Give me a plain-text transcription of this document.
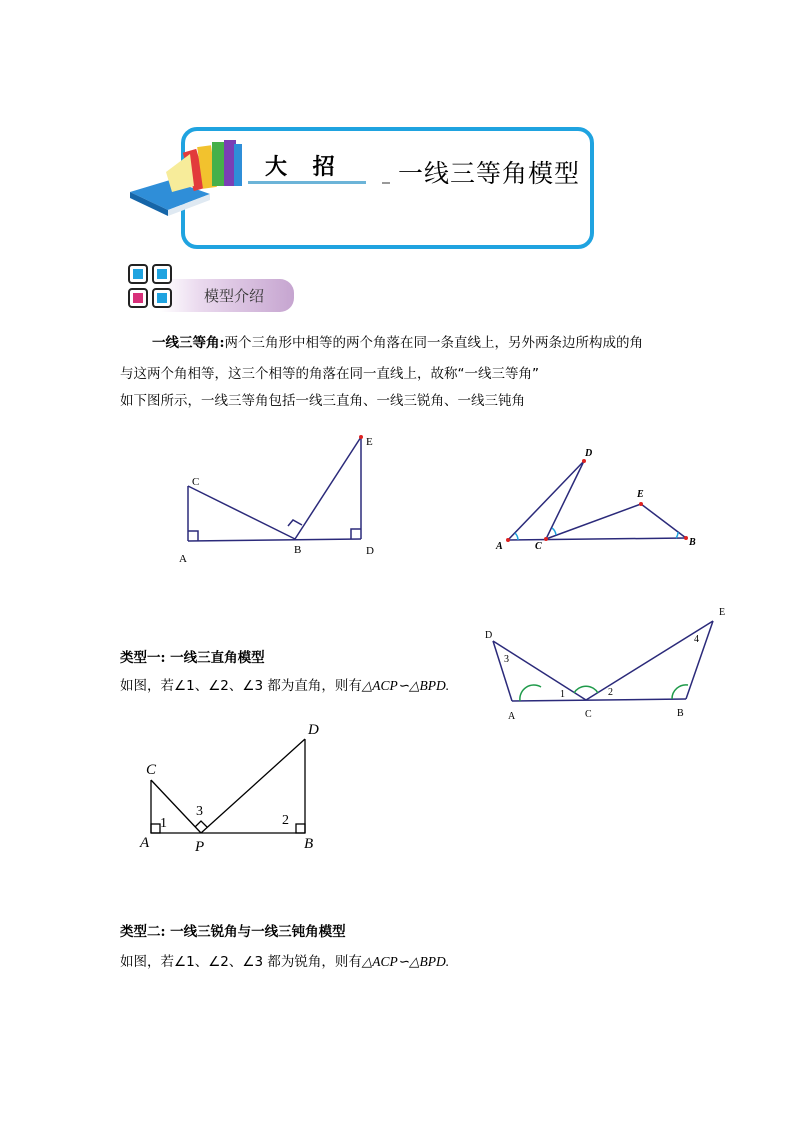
大 招 一线三等角模型
模型介绍
一线三等角:两个三角形中相等的两个角落在同一条直线上，另外两条边所构成的角
与这两个角相等，这三个相等的角落在同一直线上，故称“一线三等角”
如下图所示，一线三等角包括一线三直角、一线三锐角、一线三钝角
C
A
B	D
E
A	C
D
E
B
D
E
A	C	B
3
1	2
4
类型一: 一线三直角模型
如图，若∠1、∠2、∠3 都为直角，则有△ACP∽△BPD.
C
A	P	B
D
1
3
2
类型二: 一线三锐角与一线三钝角模型
如图，若∠1、∠2、∠3 都为锐角，则有△ACP∽△BPD.
